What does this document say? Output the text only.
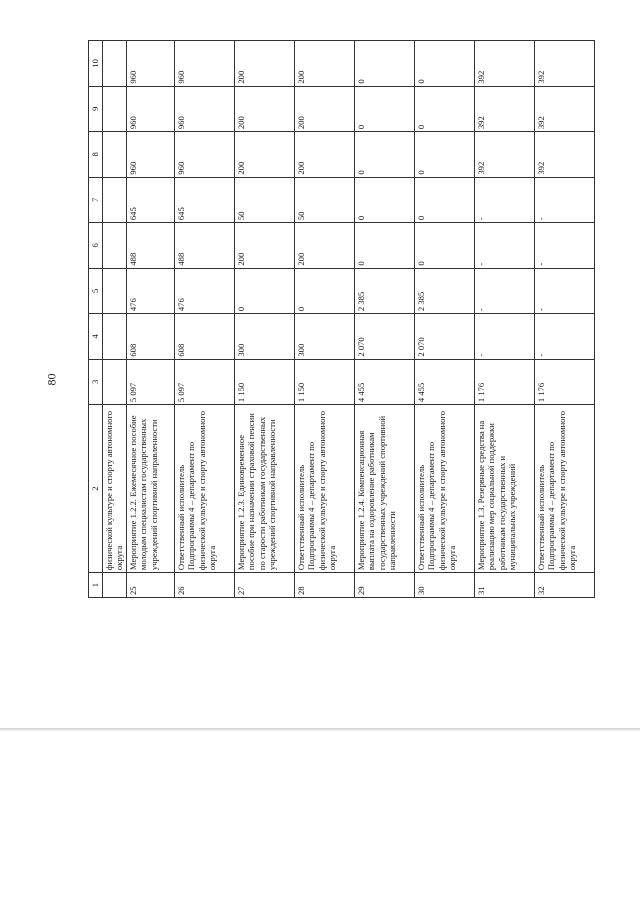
80
1	2	3	4	5	6	7	8	9	10
	физической культуре и спорту автономного округа								
25	Мероприятие 1.2.2. Ежемесячное пособие молодым специалистам государственных учреждений спортивной направленности	5 097	608	476	488	645	960	960	960
26	Ответственный исполнитель Подпрограммы 4 – департамент по физической культуре и спорту автономного округа	5 097	608	476	488	645	960	960	960
27	Мероприятие 1.2.3. Единовременное пособие при назначении страховой пенсии по старости работникам государственных учреждений спортивной направленности	1 150	300	0	200	50	200	200	200
28	Ответственный исполнитель Подпрограммы 4 – департамент по физической культуре и спорту автономного округа	1 150	300	0	200	50	200	200	200
29	Мероприятие 1.2.4. Компенсационная выплата на оздоровление работникам государственных учреждений спортивной направленности	4 455	2 070	2 385	0	0	0	0	0
30	Ответственный исполнитель Подпрограммы 4 – департамент по физической культуре и спорту автономного округа	4 455	2 070	2 385	0	0	0	0	0
31	Мероприятие 1.3. Резервные средства на реализацию мер социальной поддержки работникам государственных и муниципальных учреждений	1 176	-	-	-	-	392	392	392
32	Ответственный исполнитель Подпрограммы 4 – департамент по физической культуре и спорту автономного округа	1 176	-	-	-	-	392	392	392
